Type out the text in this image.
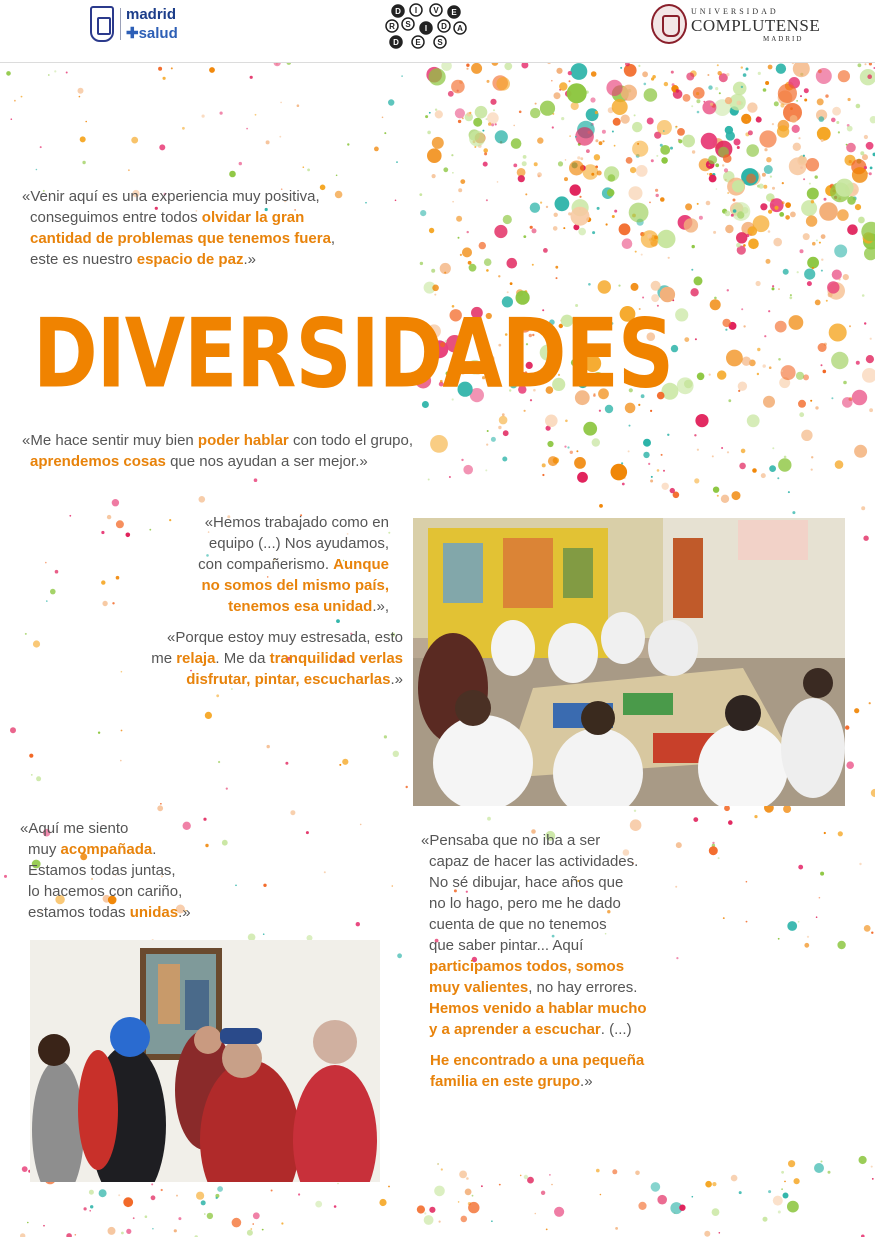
madrid
✚salud
D I V E
R S I D A
D E S
UNIVERSIDAD
COMPLUTENSE
MADRID
«Venir aquí es una experiencia muy positiva,
conseguimos entre todos olvidar la gran
cantidad de problemas que tenemos fuera,
este es nuestro espacio de paz.»
DIVERSIDADES
«Me hace sentir muy bien poder hablar con todo el grupo,
aprendemos cosas que nos ayudan a ser mejor.»
«Hemos trabajado como en
equipo (...) Nos ayudamos,
con compañerismo. Aunque
no somos del mismo país,
tenemos esa unidad.»,
«Porque estoy muy estresada, esto
me relaja. Me da tranquilidad verlas
disfrutar, pintar, escucharlas.»
«Aquí me siento
muy acompañada.
Estamos todas juntas,
lo hacemos con cariño,
estamos todas unidas.»
«Pensaba que no iba a ser
capaz de hacer las actividades.
No sé dibujar, hace años que
no lo hago, pero me he dado
cuenta de que no tenemos
que saber pintar... Aquí
participamos todos, somos
muy valientes, no hay errores.
Hemos venido a hablar mucho
y a aprender a escuchar. (...)
He encontrado a una pequeña
familia en este grupo.»
